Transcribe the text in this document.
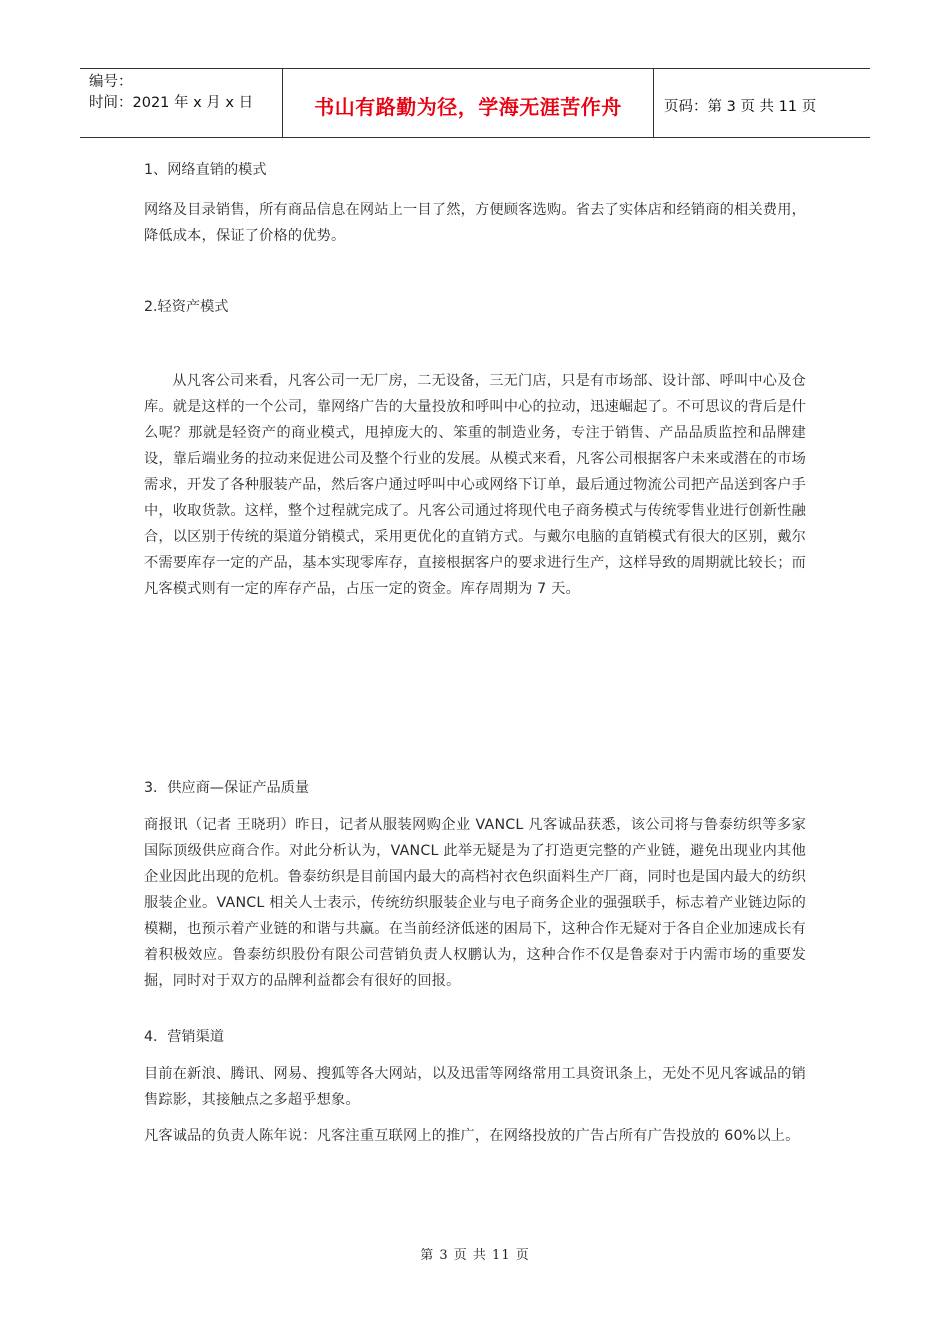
编号：
时间：2021 年 x 月 x 日	书山有路勤为径，学海无涯苦作舟	页码：第 3 页 共 11 页
1、网络直销的模式
网络及目录销售，所有商品信息在网站上一目了然，方便顾客选购。省去了实体店和经销商的相关费用，降低成本，保证了价格的优势。
2.轻资产模式
从凡客公司来看，凡客公司一无厂房，二无设备，三无门店，只是有市场部、设计部、呼叫中心及仓库。就是这样的一个公司，靠网络广告的大量投放和呼叫中心的拉动，迅速崛起了。不可思议的背后是什么呢？那就是轻资产的商业模式，甩掉庞大的、笨重的制造业务，专注于销售、产品品质监控和品牌建设，靠后端业务的拉动来促进公司及整个行业的发展。从模式来看，凡客公司根据客户未来或潜在的市场需求，开发了各种服装产品，然后客户通过呼叫中心或网络下订单，最后通过物流公司把产品送到客户手中，收取货款。这样，整个过程就完成了。凡客公司通过将现代电子商务模式与传统零售业进行创新性融合，以区别于传统的渠道分销模式，采用更优化的直销方式。与戴尔电脑的直销模式有很大的区别，戴尔不需要库存一定的产品，基本实现零库存，直接根据客户的要求进行生产，这样导致的周期就比较长；而凡客模式则有一定的库存产品，占压一定的资金。库存周期为 7 天。
3．供应商—保证产品质量
商报讯（记者 王晓玥）昨日，记者从服装网购企业 VANCL 凡客诚品获悉，该公司将与鲁泰纺织等多家国际顶级供应商合作。对此分析认为，VANCL 此举无疑是为了打造更完整的产业链，避免出现业内其他企业因此出现的危机。鲁泰纺织是目前国内最大的高档衬衣色织面料生产厂商，同时也是国内最大的纺织服装企业。VANCL 相关人士表示，传统纺织服装企业与电子商务企业的强强联手，标志着产业链边际的模糊，也预示着产业链的和谐与共赢。在当前经济低迷的困局下，这种合作无疑对于各自企业加速成长有着积极效应。鲁泰纺织股份有限公司营销负责人权鹏认为，这种合作不仅是鲁泰对于内需市场的重要发掘，同时对于双方的品牌利益都会有很好的回报。
4．营销渠道
目前在新浪、腾讯、网易、搜狐等各大网站，以及迅雷等网络常用工具资讯条上，无处不见凡客诚品的销售踪影，其接触点之多超乎想象。
凡客诚品的负责人陈年说：凡客注重互联网上的推广，在网络投放的广告占所有广告投放的 60%以上。
第 3 页 共 11 页
